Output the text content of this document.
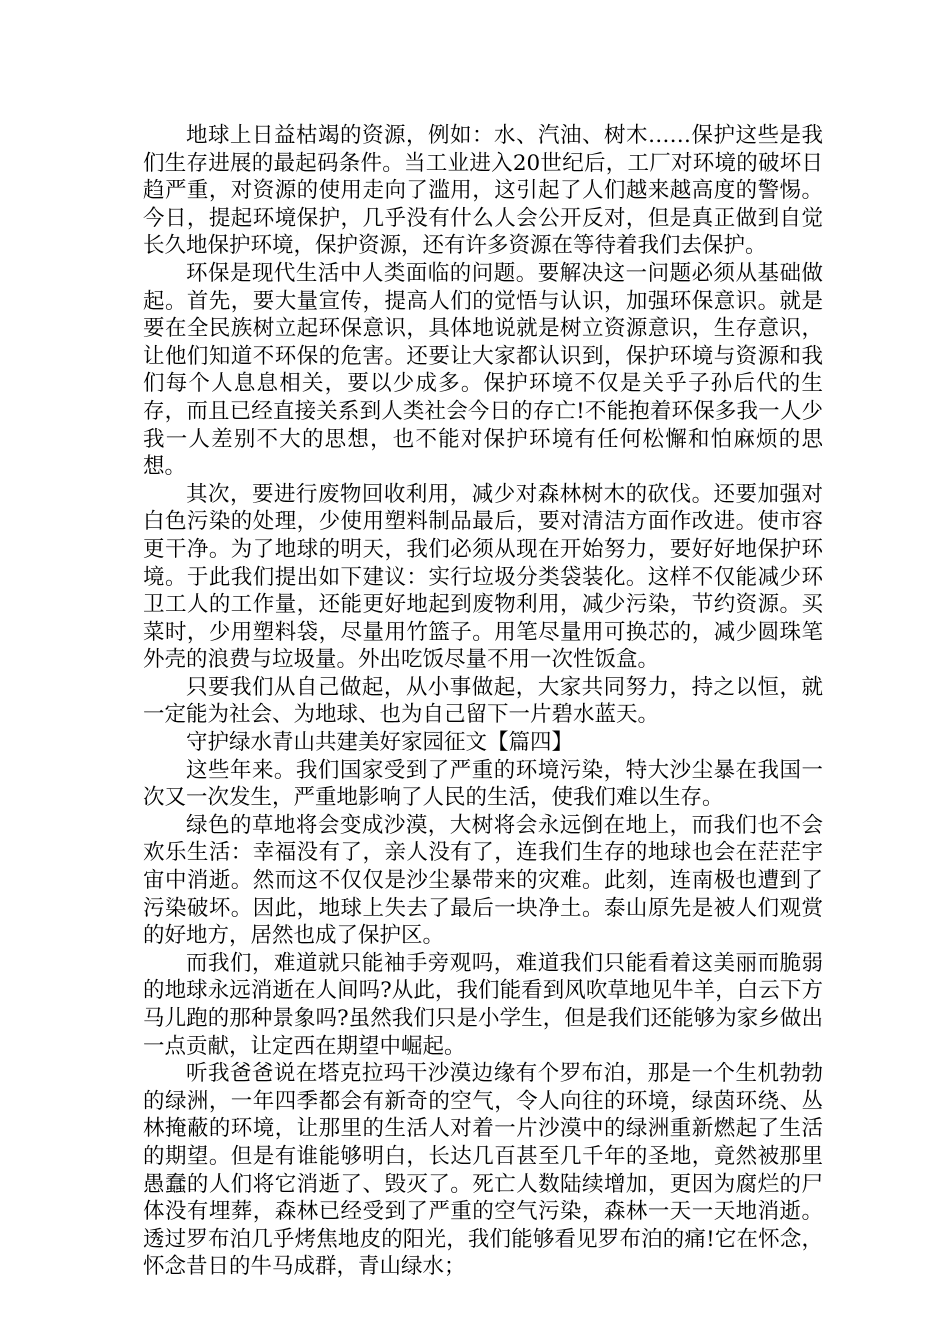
地球上日益枯竭的资源，例如：水、汽油、树木……保护这些是我们生存进展的最起码条件。当工业进入20世纪后，工厂对环境的破坏日趋严重，对资源的使用走向了滥用，这引起了人们越来越高度的警惕。今日，提起环境保护，几乎没有什么人会公开反对，但是真正做到自觉长久地保护环境，保护资源，还有许多资源在等待着我们去保护。

环保是现代生活中人类面临的问题。要解决这一问题必须从基础做起。首先，要大量宣传，提高人们的觉悟与认识，加强环保意识。就是要在全民族树立起环保意识，具体地说就是树立资源意识，生存意识，让他们知道不环保的危害。还要让大家都认识到，保护环境与资源和我们每个人息息相关，要以少成多。保护环境不仅是关乎子孙后代的生存，而且已经直接关系到人类社会今日的存亡!不能抱着环保多我一人少我一人差别不大的思想，也不能对保护环境有任何松懈和怕麻烦的思想。

其次，要进行废物回收利用，减少对森林树木的砍伐。还要加强对白色污染的处理，少使用塑料制品最后，要对清洁方面作改进。使市容更干净。为了地球的明天，我们必须从现在开始努力，要好好地保护环境。于此我们提出如下建议：实行垃圾分类袋装化。这样不仅能减少环卫工人的工作量，还能更好地起到废物利用，减少污染，节约资源。买菜时，少用塑料袋，尽量用竹篮子。用笔尽量用可换芯的，减少圆珠笔外壳的浪费与垃圾量。外出吃饭尽量不用一次性饭盒。

只要我们从自己做起，从小事做起，大家共同努力，持之以恒，就一定能为社会、为地球、也为自己留下一片碧水蓝天。

守护绿水青山共建美好家园征文【篇四】

这些年来。我们国家受到了严重的环境污染，特大沙尘暴在我国一次又一次发生，严重地影响了人民的生活，使我们难以生存。

绿色的草地将会变成沙漠，大树将会永远倒在地上，而我们也不会欢乐生活：幸福没有了，亲人没有了，连我们生存的地球也会在茫茫宇宙中消逝。然而这不仅仅是沙尘暴带来的灾难。此刻，连南极也遭到了污染破坏。因此，地球上失去了最后一块净土。泰山原先是被人们观赏的好地方，居然也成了保护区。

而我们，难道就只能袖手旁观吗，难道我们只能看着这美丽而脆弱的地球永远消逝在人间吗?从此，我们能看到风吹草地见牛羊，白云下方马儿跑的那种景象吗?虽然我们只是小学生，但是我们还能够为家乡做出一点贡献，让定西在期望中崛起。

听我爸爸说在塔克拉玛干沙漠边缘有个罗布泊，那是一个生机勃勃的绿洲，一年四季都会有新奇的空气，令人向往的环境，绿茵环绕、丛林掩蔽的环境，让那里的生活人对着一片沙漠中的绿洲重新燃起了生活的期望。但是有谁能够明白，长达几百甚至几千年的圣地，竟然被那里愚蠢的人们将它消逝了、毁灭了。死亡人数陆续增加，更因为腐烂的尸体没有埋葬，森林已经受到了严重的空气污染，森林一天一天地消逝。透过罗布泊几乎烤焦地皮的阳光，我们能够看见罗布泊的痛!它在怀念，怀念昔日的牛马成群，青山绿水；
